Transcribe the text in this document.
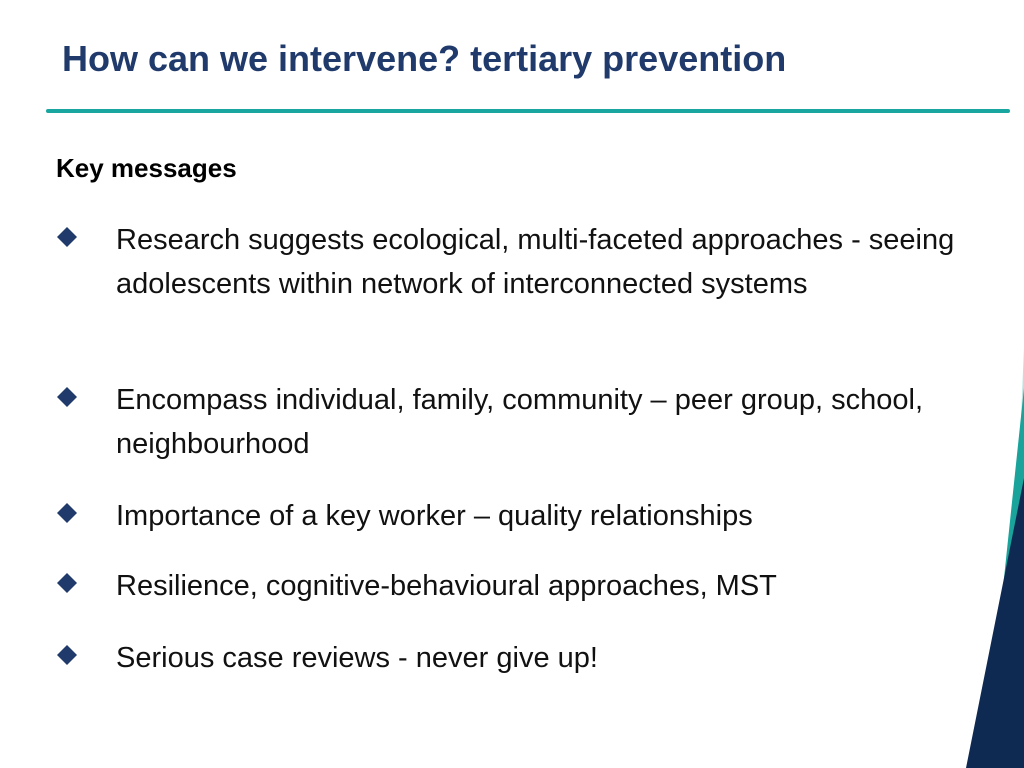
How can we intervene? tertiary prevention
Key messages
Research suggests ecological, multi-faceted approaches - seeing adolescents within network of interconnected systems
Encompass individual, family, community – peer group, school, neighbourhood
Importance of a key worker – quality relationships
Resilience, cognitive-behavioural approaches, MST
Serious case reviews - never give up!
